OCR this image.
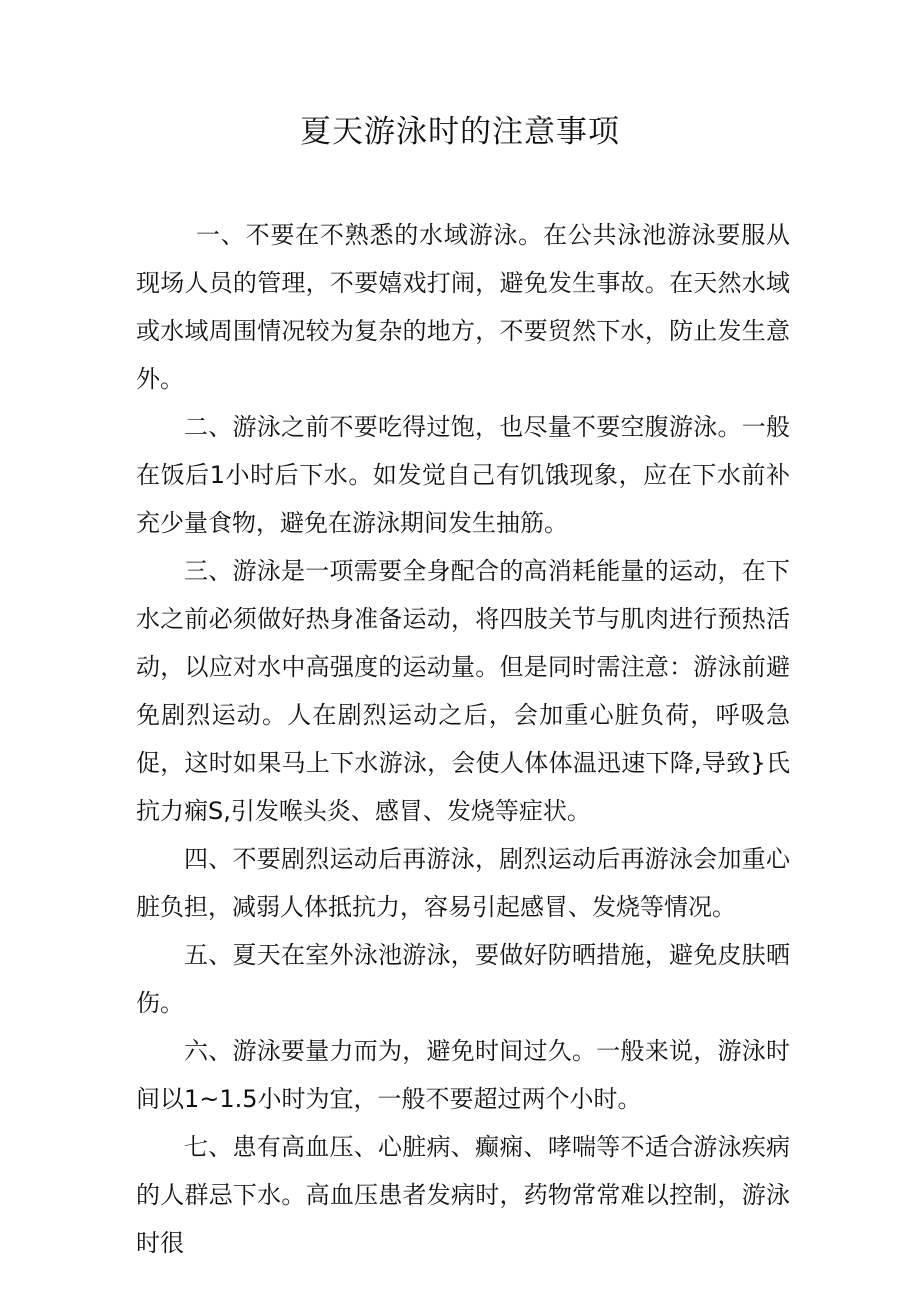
夏天游泳时的注意事项

一、不要在不熟悉的水域游泳。在公共泳池游泳要服从现场人员的管理，不要嬉戏打闹，避免发生事故。在天然水域或水域周围情况较为复杂的地方，不要贸然下水，防止发生意外。

二、游泳之前不要吃得过饱，也尽量不要空腹游泳。一般在饭后1小时后下水。如发觉自己有饥饿现象，应在下水前补充少量食物，避免在游泳期间发生抽筋。

三、游泳是一项需要全身配合的高消耗能量的运动，在下水之前必须做好热身准备运动，将四肢关节与肌肉进行预热活动，以应对水中高强度的运动量。但是同时需注意：游泳前避免剧烈运动。人在剧烈运动之后，会加重心脏负荷，呼吸急促，这时如果马上下水游泳，会使人体体温迅速下降,导致}氏抗力痫S,引发喉头炎、感冒、发烧等症状。

四、不要剧烈运动后再游泳，剧烈运动后再游泳会加重心脏负担，减弱人体抵抗力，容易引起感冒、发烧等情况。

五、夏天在室外泳池游泳，要做好防晒措施，避免皮肤晒伤。

六、游泳要量力而为，避免时间过久。一般来说，游泳时间以1~1.5小时为宜，一般不要超过两个小时。

七、患有高血压、心脏病、癫痫、哮喘等不适合游泳疾病的人群忌下水。高血压患者发病时，药物常常难以控制，游泳时很
